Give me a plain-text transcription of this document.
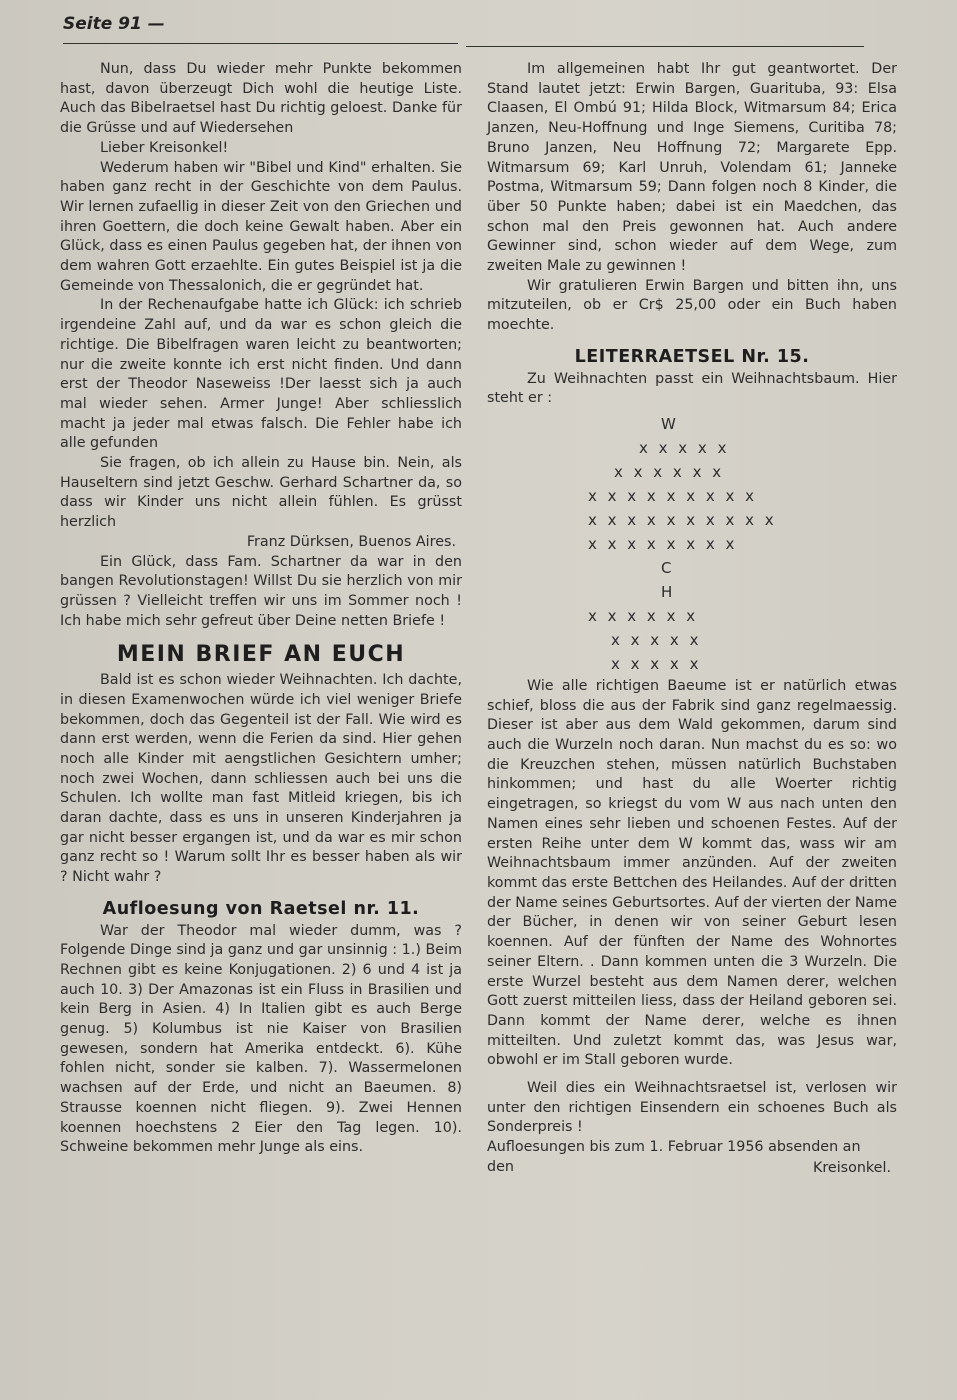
Seite 91 —

Nun, dass Du wieder mehr Punkte bekommen hast, davon überzeugt Dich wohl die heutige Liste. Auch das Bibelraetsel hast Du richtig geloest. Danke für die Grüsse und auf Wiedersehen

Lieber Kreisonkel!

Wederum haben wir "Bibel und Kind" erhalten. Sie haben ganz recht in der Geschichte von dem Paulus. Wir lernen zufaellig in dieser Zeit von den Griechen und ihren Goettern, die doch keine Gewalt haben. Aber ein Glück, dass es einen Paulus gegeben hat, der ihnen von dem wahren Gott erzaehlte. Ein gutes Beispiel ist ja die Gemeinde von Thessalonich, die er gegründet hat.

In der Rechenaufgabe hatte ich Glück: ich schrieb irgendeine Zahl auf, und da war es schon gleich die richtige. Die Bibelfragen waren leicht zu beantworten; nur die zweite konnte ich erst nicht finden. Und dann erst der Theodor Naseweiss !Der laesst sich ja auch mal wieder sehen. Armer Junge! Aber schliesslich macht ja jeder mal etwas falsch. Die Fehler habe ich alle gefunden

Sie fragen, ob ich allein zu Hause bin. Nein, als Hauseltern sind jetzt Geschw. Gerhard Schartner da, so dass wir Kinder uns nicht allein fühlen. Es grüsst herzlich

Franz Dürksen, Buenos Aires.

Ein Glück, dass Fam. Schartner da war in den bangen Revolutionstagen! Willst Du sie herzlich von mir grüssen ? Vielleicht treffen wir uns im Sommer noch ! Ich habe mich sehr gefreut über Deine netten Briefe !

MEIN BRIEF AN EUCH

Bald ist es schon wieder Weihnachten. Ich dachte, in diesen Examenwochen würde ich viel weniger Briefe bekommen, doch das Gegenteil ist der Fall. Wie wird es dann erst werden, wenn die Ferien da sind. Hier gehen noch alle Kinder mit aengstlichen Gesichtern umher; noch zwei Wochen, dann schliessen auch bei uns die Schulen. Ich wollte man fast Mitleid kriegen, bis ich daran dachte, dass es uns in unseren Kinderjahren ja gar nicht besser ergangen ist, und da war es mir schon ganz recht so ! Warum sollt Ihr es besser haben als wir ? Nicht wahr ?

Aufloesung von Raetsel nr. 11.

War der Theodor mal wieder dumm, was ? Folgende Dinge sind ja ganz und gar unsinnig : 1.) Beim Rechnen gibt es keine Konjugationen. 2) 6 und 4 ist ja auch 10. 3) Der Amazonas ist ein Fluss in Brasilien und kein Berg in Asien. 4) In Italien gibt es auch Berge genug. 5) Kolumbus ist nie Kaiser von Brasilien gewesen, sondern hat Amerika entdeckt. 6). Kühe fohlen nicht, sonder sie kalben. 7). Wassermelonen wachsen auf der Erde, und nicht an Baeumen. 8) Strausse koennen nicht fliegen. 9). Zwei Hennen koennen hoechstens 2 Eier den Tag legen. 10). Schweine bekommen mehr Junge als eins.

Im allgemeinen habt Ihr gut geantwortet. Der Stand lautet jetzt: Erwin Bargen, Guarituba, 93: Elsa Claasen, El Ombú 91; Hilda Block, Witmarsum 84; Erica Janzen, Neu-Hoffnung und Inge Siemens, Curitiba 78; Bruno Janzen, Neu Hoffnung 72; Margarete Epp. Witmarsum 69; Karl Unruh, Volendam 61; Janneke Postma, Witmarsum 59; Dann folgen noch 8 Kinder, die über 50 Punkte haben; dabei ist ein Maedchen, das schon mal den Preis gewonnen hat. Auch andere Gewinner sind, schon wieder auf dem Wege, zum zweiten Male zu gewinnen !

Wir gratulieren Erwin Bargen und bitten ihn, uns mitzuteilen, ob er Cr$ 25,00 oder ein Buch haben moechte.

LEITERRAETSEL Nr. 15.

Zu Weihnachten passt ein Weihnachtsbaum. Hier steht er :

W
x x x x x
x x x x x x
x x x x x x x x x
x x x x x x x x x x
x x x x x x x x
C
H
x x x x x x
x x x x x
x x x x x

Wie alle richtigen Baeume ist er natürlich etwas schief, bloss die aus der Fabrik sind ganz regelmaessig. Dieser ist aber aus dem Wald gekommen, darum sind auch die Wurzeln noch daran. Nun machst du es so: wo die Kreuzchen stehen, müssen natürlich Buchstaben hinkommen; und hast du alle Woerter richtig eingetragen, so kriegst du vom W aus nach unten den Namen eines sehr lieben und schoenen Festes. Auf der ersten Reihe unter dem W kommt das, wass wir am Weihnachtsbaum immer anzünden. Auf der zweiten kommt das erste Bettchen des Heilandes. Auf der dritten der Name seines Geburtsortes. Auf der vierten der Name der Bücher, in denen wir von seiner Geburt lesen koennen. Auf der fünften der Name des Wohnortes seiner Eltern. . Dann kommen unten die 3 Wurzeln. Die erste Wurzel besteht aus dem Namen derer, welchen Gott zuerst mitteilen liess, dass der Heiland geboren sei. Dann kommt der Name derer, welche es ihnen mitteilten. Und zuletzt kommt das, was Jesus war, obwohl er im Stall geboren wurde.

Weil dies ein Weihnachtsraetsel ist, verlosen wir unter den richtigen Einsendern ein schoenes Buch als Sonderpreis !

Aufloesungen bis zum 1. Februar 1956 absenden an den	Kreisonkel.
